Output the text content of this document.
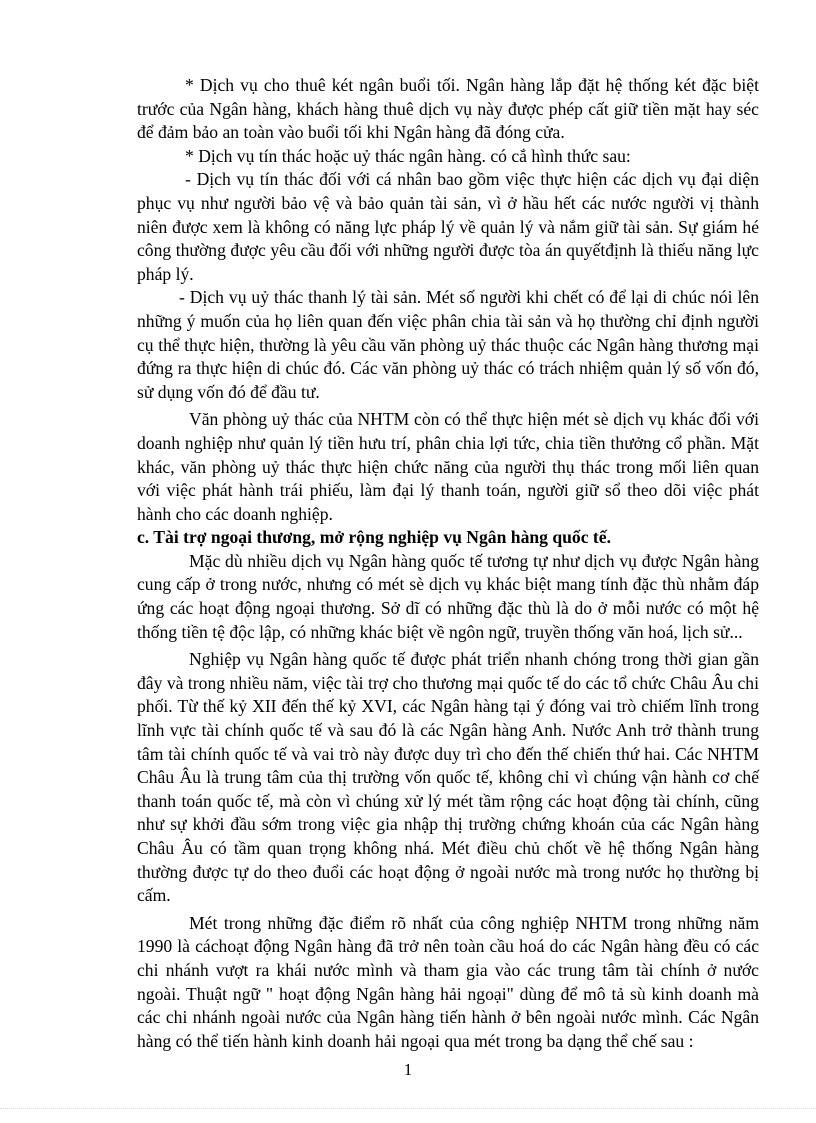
* Dịch vụ cho thuê két ngân buổi tối. Ngân hàng lắp đặt hệ thống két đặc biệt trước của Ngân hàng, khách hàng thuê dịch vụ này được phép cất giữ tiền mặt hay séc để đảm bảo an toàn vào buổi tối khi Ngân hàng đã đóng cửa.

* Dịch vụ tín thác hoặc uỷ thác ngân hàng. có cắ hình thức sau:

- Dịch vụ tín thác đối với cá nhân bao gồm việc thực hiện các dịch vụ đại diện phục vụ như người bảo vệ và bảo quản tài sản, vì ở hầu hết các nước người vị thành niên được xem là không có năng lực pháp lý về quản lý và nắm giữ tài sản. Sự giám hé công thường được yêu cầu đối với những người được tòa án quyếtđịnh là thiếu năng lực pháp lý.

- Dịch vụ uỷ thác thanh lý tài sản. Mét số người khi chết có để lại di chúc nói lên những ý muốn của họ liên quan đến việc phân chia tài sản và họ thường chỉ định người cụ thể thực hiện, thường là yêu cầu văn phòng uỷ thác thuộc các Ngân hàng thương mại đứng ra thực hiện di chúc đó. Các văn phòng uỷ thác có trách nhiệm quản lý số vốn đó, sử dụng vốn đó để đầu tư.

Văn phòng uỷ thác của NHTM còn có thể thực hiện mét sè dịch vụ khác đối với doanh nghiệp như quản lý tiền hưu trí, phân chia lợi tức, chia tiền thưởng cổ phần. Mặt khác, văn phòng uỷ thác thực hiện chức năng của người thụ thác trong mối liên quan với việc phát hành trái phiếu, làm đại lý thanh toán, người giữ sổ theo dõi việc phát hành cho các doanh nghiệp.

c. Tài trợ ngoại thương, mở rộng nghiệp vụ Ngân hàng quốc tế.

Mặc dù nhiều dịch vụ Ngân hàng quốc tế tương tự như dịch vụ được Ngân hàng cung cấp ở trong nước, nhưng có mét sè dịch vụ khác biệt mang tính đặc thù nhằm đáp ứng các hoạt động ngoại thương. Sở dĩ có những đặc thù là do ở mỗi nước có một hệ thống tiền tệ độc lập, có những khác biệt về ngôn ngữ, truyền thống văn hoá, lịch sử...

Nghiệp vụ Ngân hàng quốc tế được phát triển nhanh chóng trong thời gian gần đây và trong nhiều năm, việc tài trợ cho thương mại quốc tế do các tổ chức Châu Âu chi phối. Từ thế kỷ XII đến thế kỷ XVI, các Ngân hàng tại ý đóng vai trò chiếm lĩnh trong lĩnh vực tài chính quốc tế và sau đó là các Ngân hàng Anh. Nước Anh trở thành trung tâm tài chính quốc tế và vai trò này được duy trì cho đến thế chiến thứ hai. Các NHTM Châu Âu là trung tâm của thị trường vốn quốc tế, không chỉ vì chúng vận hành cơ chế thanh toán quốc tế, mà còn vì chúng xử lý mét tầm rộng các hoạt động tài chính, cũng như sự khởi đầu sớm trong việc gia nhập thị trường chứng khoán của các Ngân hàng Châu Âu có tầm quan trọng không nhá. Mét điều chủ chốt về hệ thống Ngân hàng thường được tự do theo đuổi các hoạt động ở ngoài nước mà trong nước họ thường bị cấm.

Mét trong những đặc điểm rõ nhất của công nghiệp NHTM trong những năm 1990 là cáchoạt động Ngân hàng đã trở nên toàn cầu hoá do các Ngân hàng đều có các chi nhánh vượt ra khái nước mình và tham gia vào các trung tâm tài chính ở nước ngoài. Thuật ngữ " hoạt động Ngân hàng hải ngoại" dùng để mô tả sù kinh doanh mà các chi nhánh ngoài nước của Ngân hàng tiến hành ở bên ngoài nước mình. Các Ngân hàng có thể tiến hành kinh doanh hải ngoại qua mét trong ba dạng thể chế sau :

1
